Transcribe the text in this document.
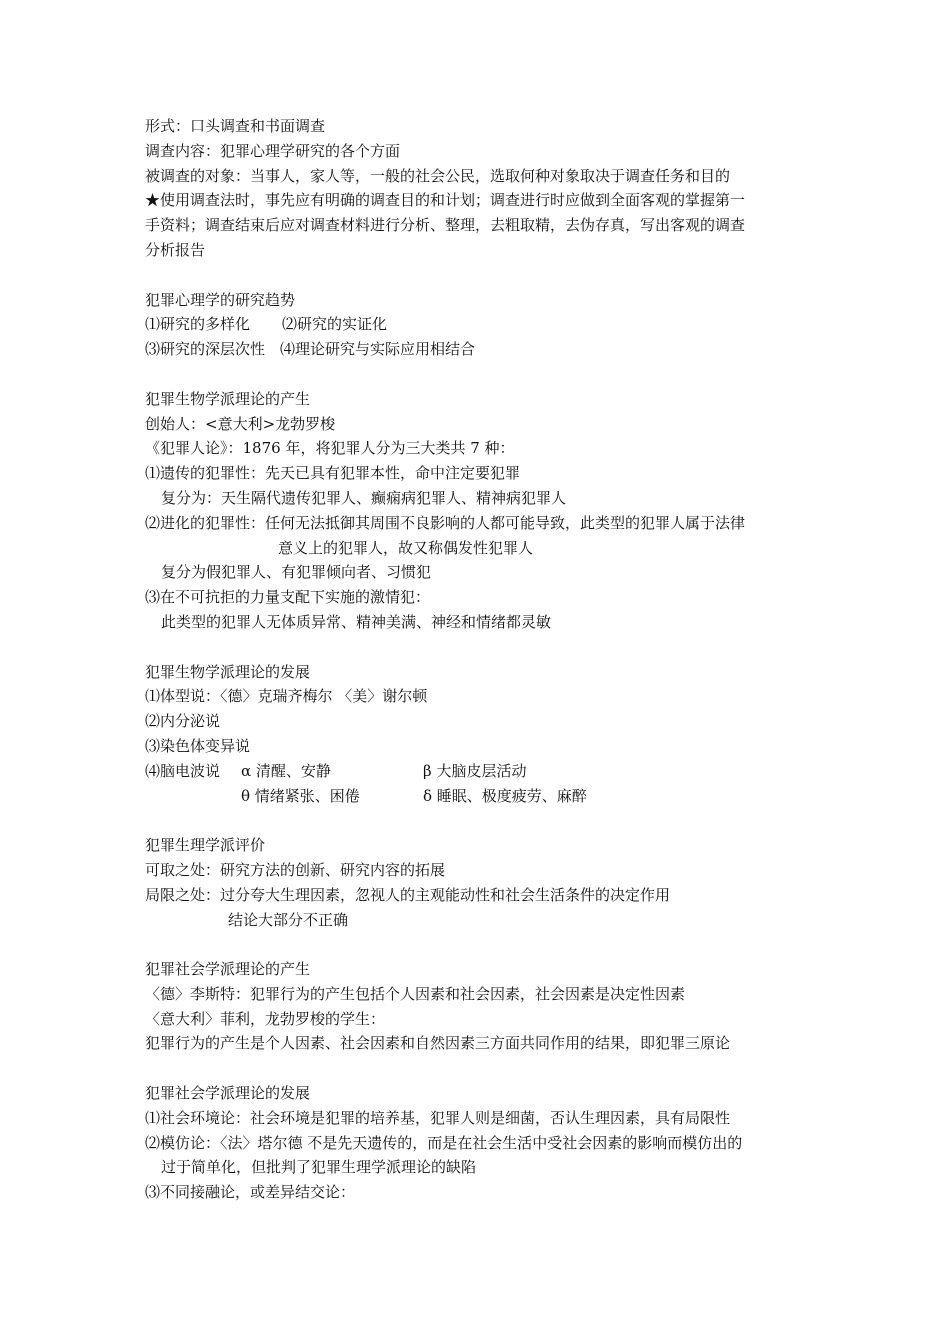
形式：口头调查和书面调查
调查内容：犯罪心理学研究的各个方面
被调查的对象：当事人，家人等，一般的社会公民，选取何种对象取决于调查任务和目的
★使用调查法时，事先应有明确的调查目的和计划；调查进行时应做到全面客观的掌握第一
手资料；调查结束后应对调查材料进行分析、整理，去粗取精，去伪存真，写出客观的调查
分析报告
犯罪心理学的研究趋势
⑴研究的多样化 ⑵研究的实证化
⑶研究的深层次性 ⑷理论研究与实际应用相结合
犯罪生物学派理论的产生
创始人：<意大利>龙勃罗梭
《犯罪人论》：1876 年，将犯罪人分为三大类共 7 种：
⑴遗传的犯罪性：先天已具有犯罪本性，命中注定要犯罪
复分为：天生隔代遗传犯罪人、癫痫病犯罪人、精神病犯罪人
⑵进化的犯罪性：任何无法抵御其周围不良影响的人都可能导致，此类型的犯罪人属于法律
意义上的犯罪人，故又称偶发性犯罪人
复分为假犯罪人、有犯罪倾向者、习惯犯
⑶在不可抗拒的力量支配下实施的激情犯：
此类型的犯罪人无体质异常、精神美满、神经和情绪都灵敏
犯罪生物学派理论的发展
⑴体型说：〈德〉克瑞齐梅尔 〈美〉谢尔顿
⑵内分泌说
⑶染色体变异说
⑷脑电波说	α 清醒、安静	β 大脑皮层活动
θ 情绪紧张、困倦	δ 睡眠、极度疲劳、麻醉
犯罪生理学派评价
可取之处：研究方法的创新、研究内容的拓展
局限之处：过分夸大生理因素，忽视人的主观能动性和社会生活条件的决定作用
结论大部分不正确
犯罪社会学派理论的产生
〈德〉李斯特：犯罪行为的产生包括个人因素和社会因素，社会因素是决定性因素
〈意大利〉菲利，龙勃罗梭的学生：
犯罪行为的产生是个人因素、社会因素和自然因素三方面共同作用的结果，即犯罪三原论
犯罪社会学派理论的发展
⑴社会环境论：社会环境是犯罪的培养基，犯罪人则是细菌，否认生理因素，具有局限性
⑵模仿论：〈法〉塔尔德 不是先天遗传的，而是在社会生活中受社会因素的影响而模仿出的
过于简单化，但批判了犯罪生理学派理论的缺陷
⑶不同接融论，或差异结交论：
